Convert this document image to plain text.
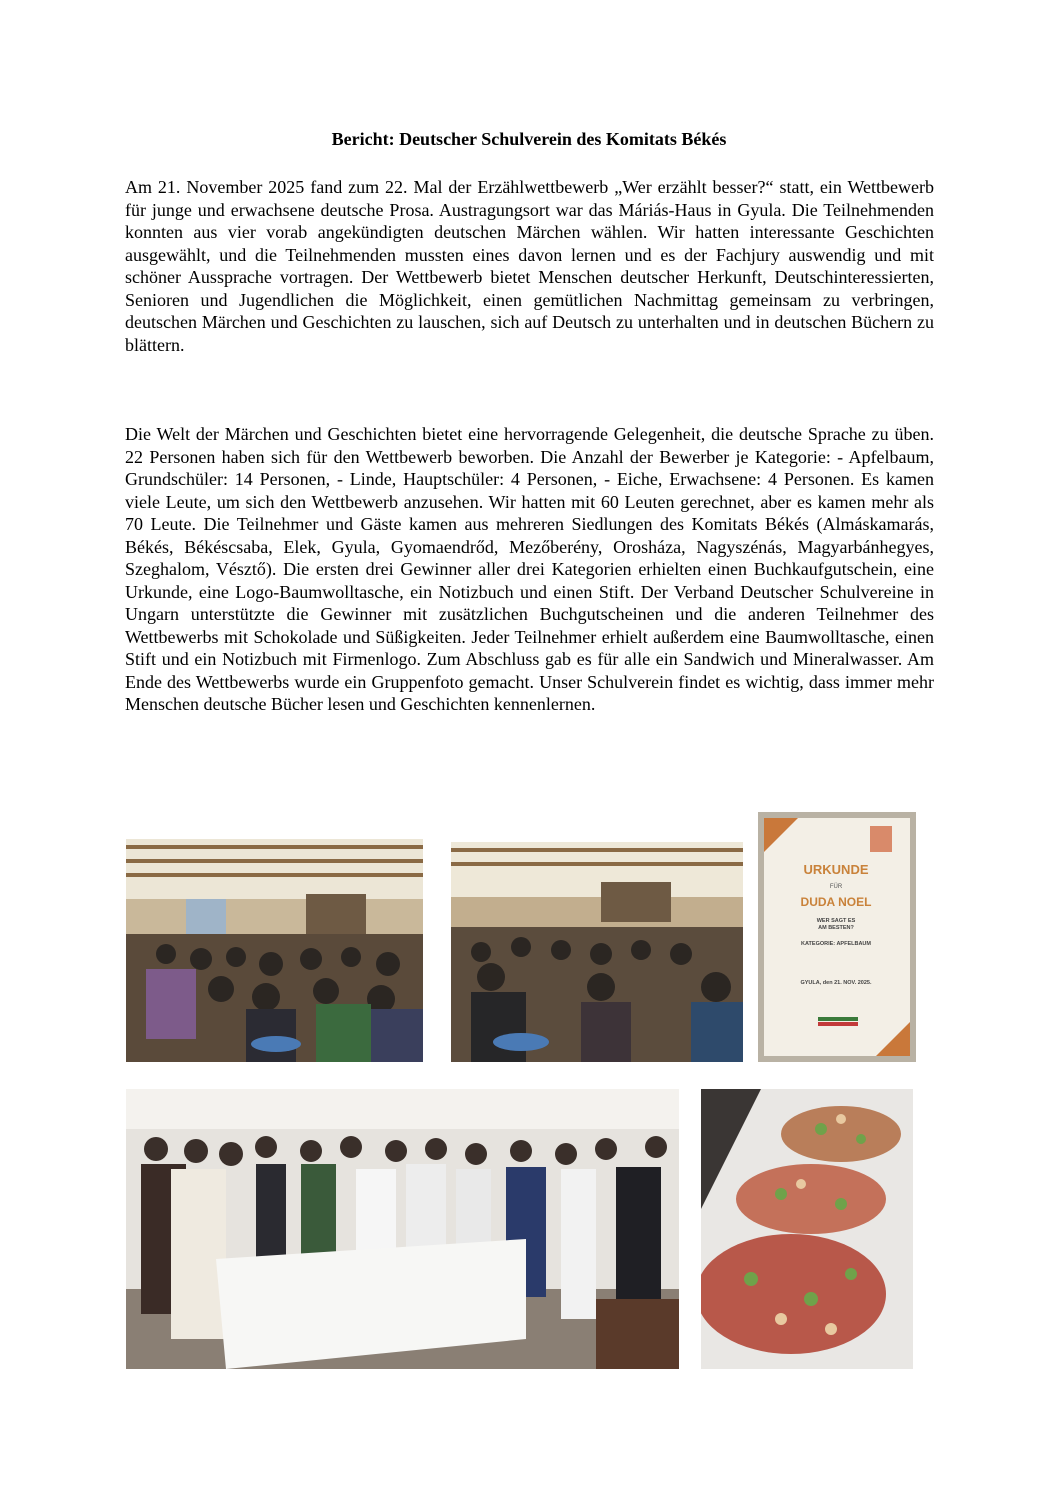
Bericht: Deutscher Schulverein des Komitats Békés

Am 21. November 2025 fand zum 22. Mal der Erzählwettbewerb „Wer erzählt besser?“ statt, ein Wettbewerb für junge und erwachsene deutsche Prosa. Austragungsort war das Máriás-Haus in Gyula. Die Teilnehmenden konnten aus vier vorab angekündigten deutschen Märchen wählen. Wir hatten interessante Geschichten ausgewählt, und die Teilnehmenden mussten eines davon lernen und es der Fachjury auswendig und mit schöner Aussprache vortragen. Der Wettbewerb bietet Menschen deutscher Herkunft, Deutschinteressierten, Senioren und Jugendlichen die Möglichkeit, einen gemütlichen Nachmittag gemeinsam zu verbringen, deutschen Märchen und Geschichten zu lauschen, sich auf Deutsch zu unterhalten und in deutschen Büchern zu blättern.

Die Welt der Märchen und Geschichten bietet eine hervorragende Gelegenheit, die deutsche Sprache zu üben. 22 Personen haben sich für den Wettbewerb beworben. Die Anzahl der Bewerber je Kategorie: - Apfelbaum, Grundschüler: 14 Personen, - Linde, Hauptschüler: 4 Personen, - Eiche, Erwachsene: 4 Personen. Es kamen viele Leute, um sich den Wettbewerb anzusehen. Wir hatten mit 60 Leuten gerechnet, aber es kamen mehr als 70 Leute. Die Teilnehmer und Gäste kamen aus mehreren Siedlungen des Komitats Békés (Almáskamarás, Békés, Békéscsaba, Elek, Gyula, Gyomaendrőd, Mezőberény, Orosháza, Nagyszénás, Magyarbánhegyes, Szeghalom, Vésztő). Die ersten drei Gewinner aller drei Kategorien erhielten einen Buchkaufgutschein, eine Urkunde, eine Logo-Baumwolltasche, ein Notizbuch und einen Stift. Der Verband Deutscher Schulvereine in Ungarn unterstützte die Gewinner mit zusätzlichen Buchgutscheinen und die anderen Teilnehmer des Wettbewerbs mit Schokolade und Süßigkeiten. Jeder Teilnehmer erhielt außerdem eine Baumwolltasche, einen Stift und ein Notizbuch mit Firmenlogo. Zum Abschluss gab es für alle ein Sandwich und Mineralwasser. Am Ende des Wettbewerbs wurde ein Gruppenfoto gemacht. Unser Schulverein findet es wichtig, dass immer mehr Menschen deutsche Bücher lesen und Geschichten kennenlernen.

URKUNDE
FÜR
DUDA NOEL
WER SAGT ES
AM BESTEN?
KATEGORIE: APFELBAUM
GYULA, den 21. NOV. 2025.
